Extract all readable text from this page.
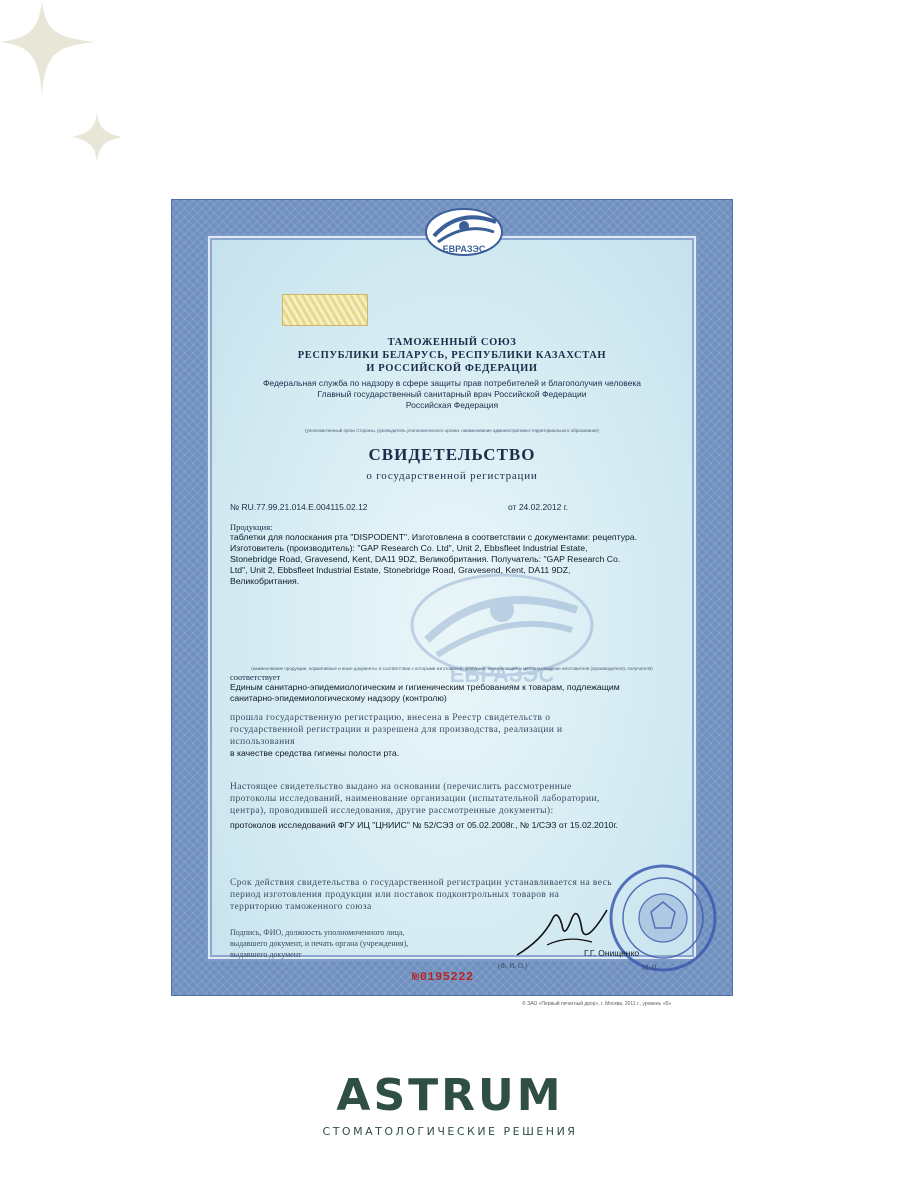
ЕВРАЗЭС

ТАМОЖЕННЫЙ СОЮЗ

РЕСПУБЛИКИ БЕЛАРУСЬ, РЕСПУБЛИКИ КАЗАХСТАН

И РОССИЙСКОЙ ФЕДЕРАЦИИ

Федеральная служба по надзору в сфере защиты прав потребителей и благополучия человека

Главный государственный санитарный врач Российской Федерации

Российская Федерация

(уполномоченный орган Стороны, руководитель уполномоченного органа, наименование административно-территориального образования)

СВИДЕТЕЛЬСТВО

о государственной регистрации

№ RU.77.99.21.014.Е.004115.02.12	от 24.02.2012 г.

Продукция:

таблетки для полоскания рта "DISPODENT". Изготовлена в соответствии с документами: рецептура.

Изготовитель (производитель): "GAP Research Co. Ltd", Unit 2, Ebbsfleet Industrial Estate,

Stonebridge Road, Gravesend, Kent, DA11 9DZ, Великобритания. Получатель: "GAP Research Co.

Ltd", Unit 2, Ebbsfleet Industrial Estate, Stonebridge Road, Gravesend, Kent, DA11 9DZ,

Великобритания.

(наименование продукции, нормативные и иные документы, в соответствии с которыми изготовлена продукция, наименование и местонахождение изготовителя (производителя), получателя)

соответствует

Единым санитарно-эпидемиологическим и гигиеническим требованиям к товарам, подлежащим

санитарно-эпидемиологическому надзору (контролю)

прошла государственную регистрацию, внесена в Реестр свидетельств о

государственной регистрации и разрешена для производства, реализации и

использования

в качестве средства гигиены полости рта.

Настоящее свидетельство выдано на основании (перечислить рассмотренные

протоколы исследований, наименование организации (испытательной лаборатории,

центра), проводившей исследования, другие рассмотренные документы):

протоколов исследований ФГУ ИЦ "ЦНИИС" № 52/СЭЗ от 05.02.2008г., № 1/СЭЗ от 15.02.2010г.

Срок действия свидетельства о государственной регистрации устанавливается на весь

период изготовления продукции или поставок подконтрольных товаров на

территорию таможенного союза

Подпись, ФИО, должность уполномоченного лица,

выдавшего документ, и печать органа (учреждения),

выдавшего документ	Г.Г. Онищенко

(Ф. И. О.)	М. П.

№0195222

ЕВРАЗЭС

© ЗАО «Первый печатный двор», г. Москва, 2011 г., уровень «Б»

ASTRUM
СТОМАТОЛОГИЧЕСКИЕ РЕШЕНИЯ
